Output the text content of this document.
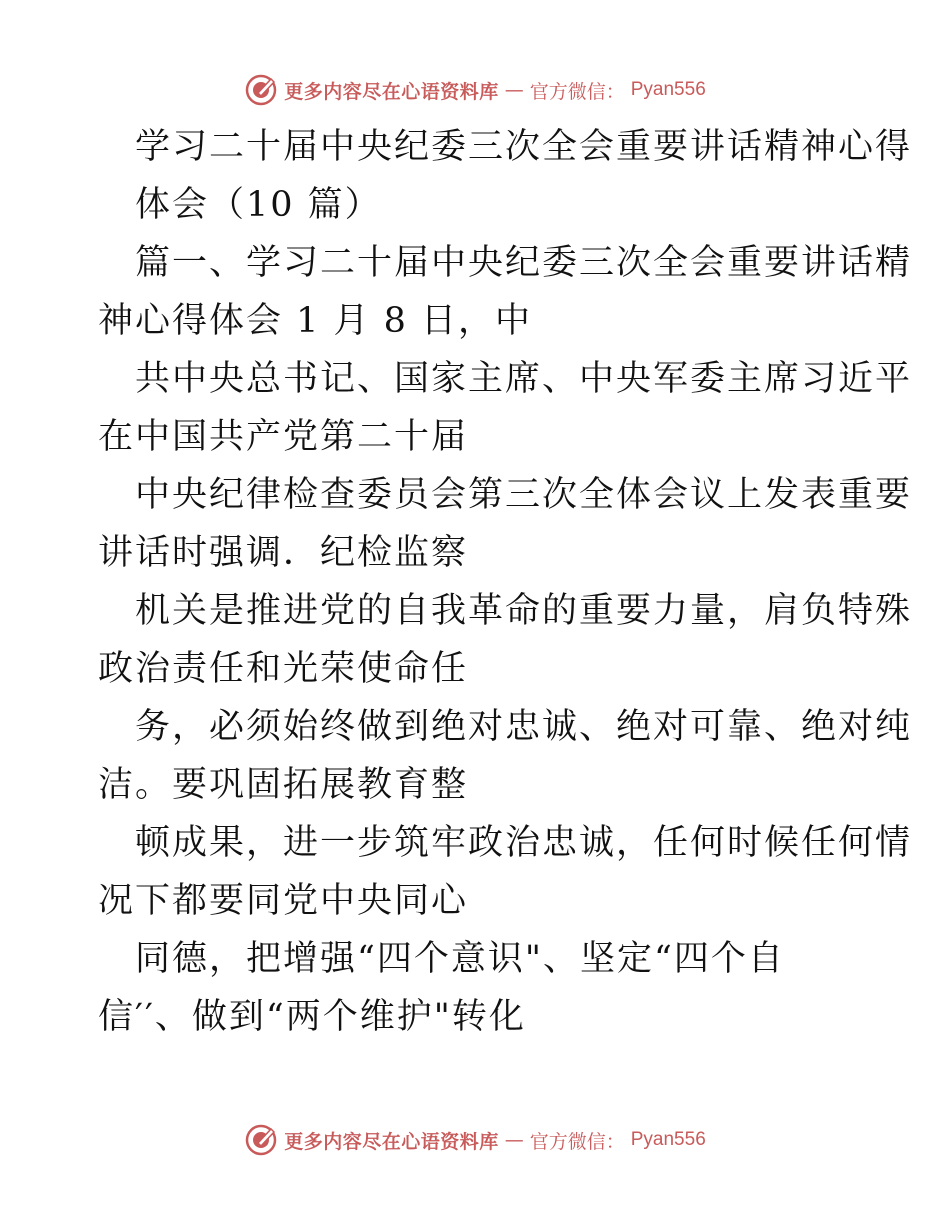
更多内容尽在心语资料库 — 官方微信： Pyan556
学习二十届中央纪委三次全会重要讲话精神心得
体会（10 篇）
篇一、学习二十届中央纪委三次全会重要讲话精
神心得体会 1 月 8 日，中
共中央总书记、国家主席、中央军委主席习近平
在中国共产党第二十届
中央纪律检查委员会第三次全体会议上发表重要
讲话时强调．纪检监察
机关是推进党的自我革命的重要力量，肩负特殊
政治责任和光荣使命任
务，必须始终做到绝对忠诚、绝对可靠、绝对纯
洁。要巩固拓展教育整
顿成果，进一步筑牢政治忠诚，任何时候任何情
况下都要同党中央同心
同德，把增强“四个意识"、坚定“四个自
信′′、做到“两个维护"转化
更多内容尽在心语资料库 — 官方微信： Pyan556
